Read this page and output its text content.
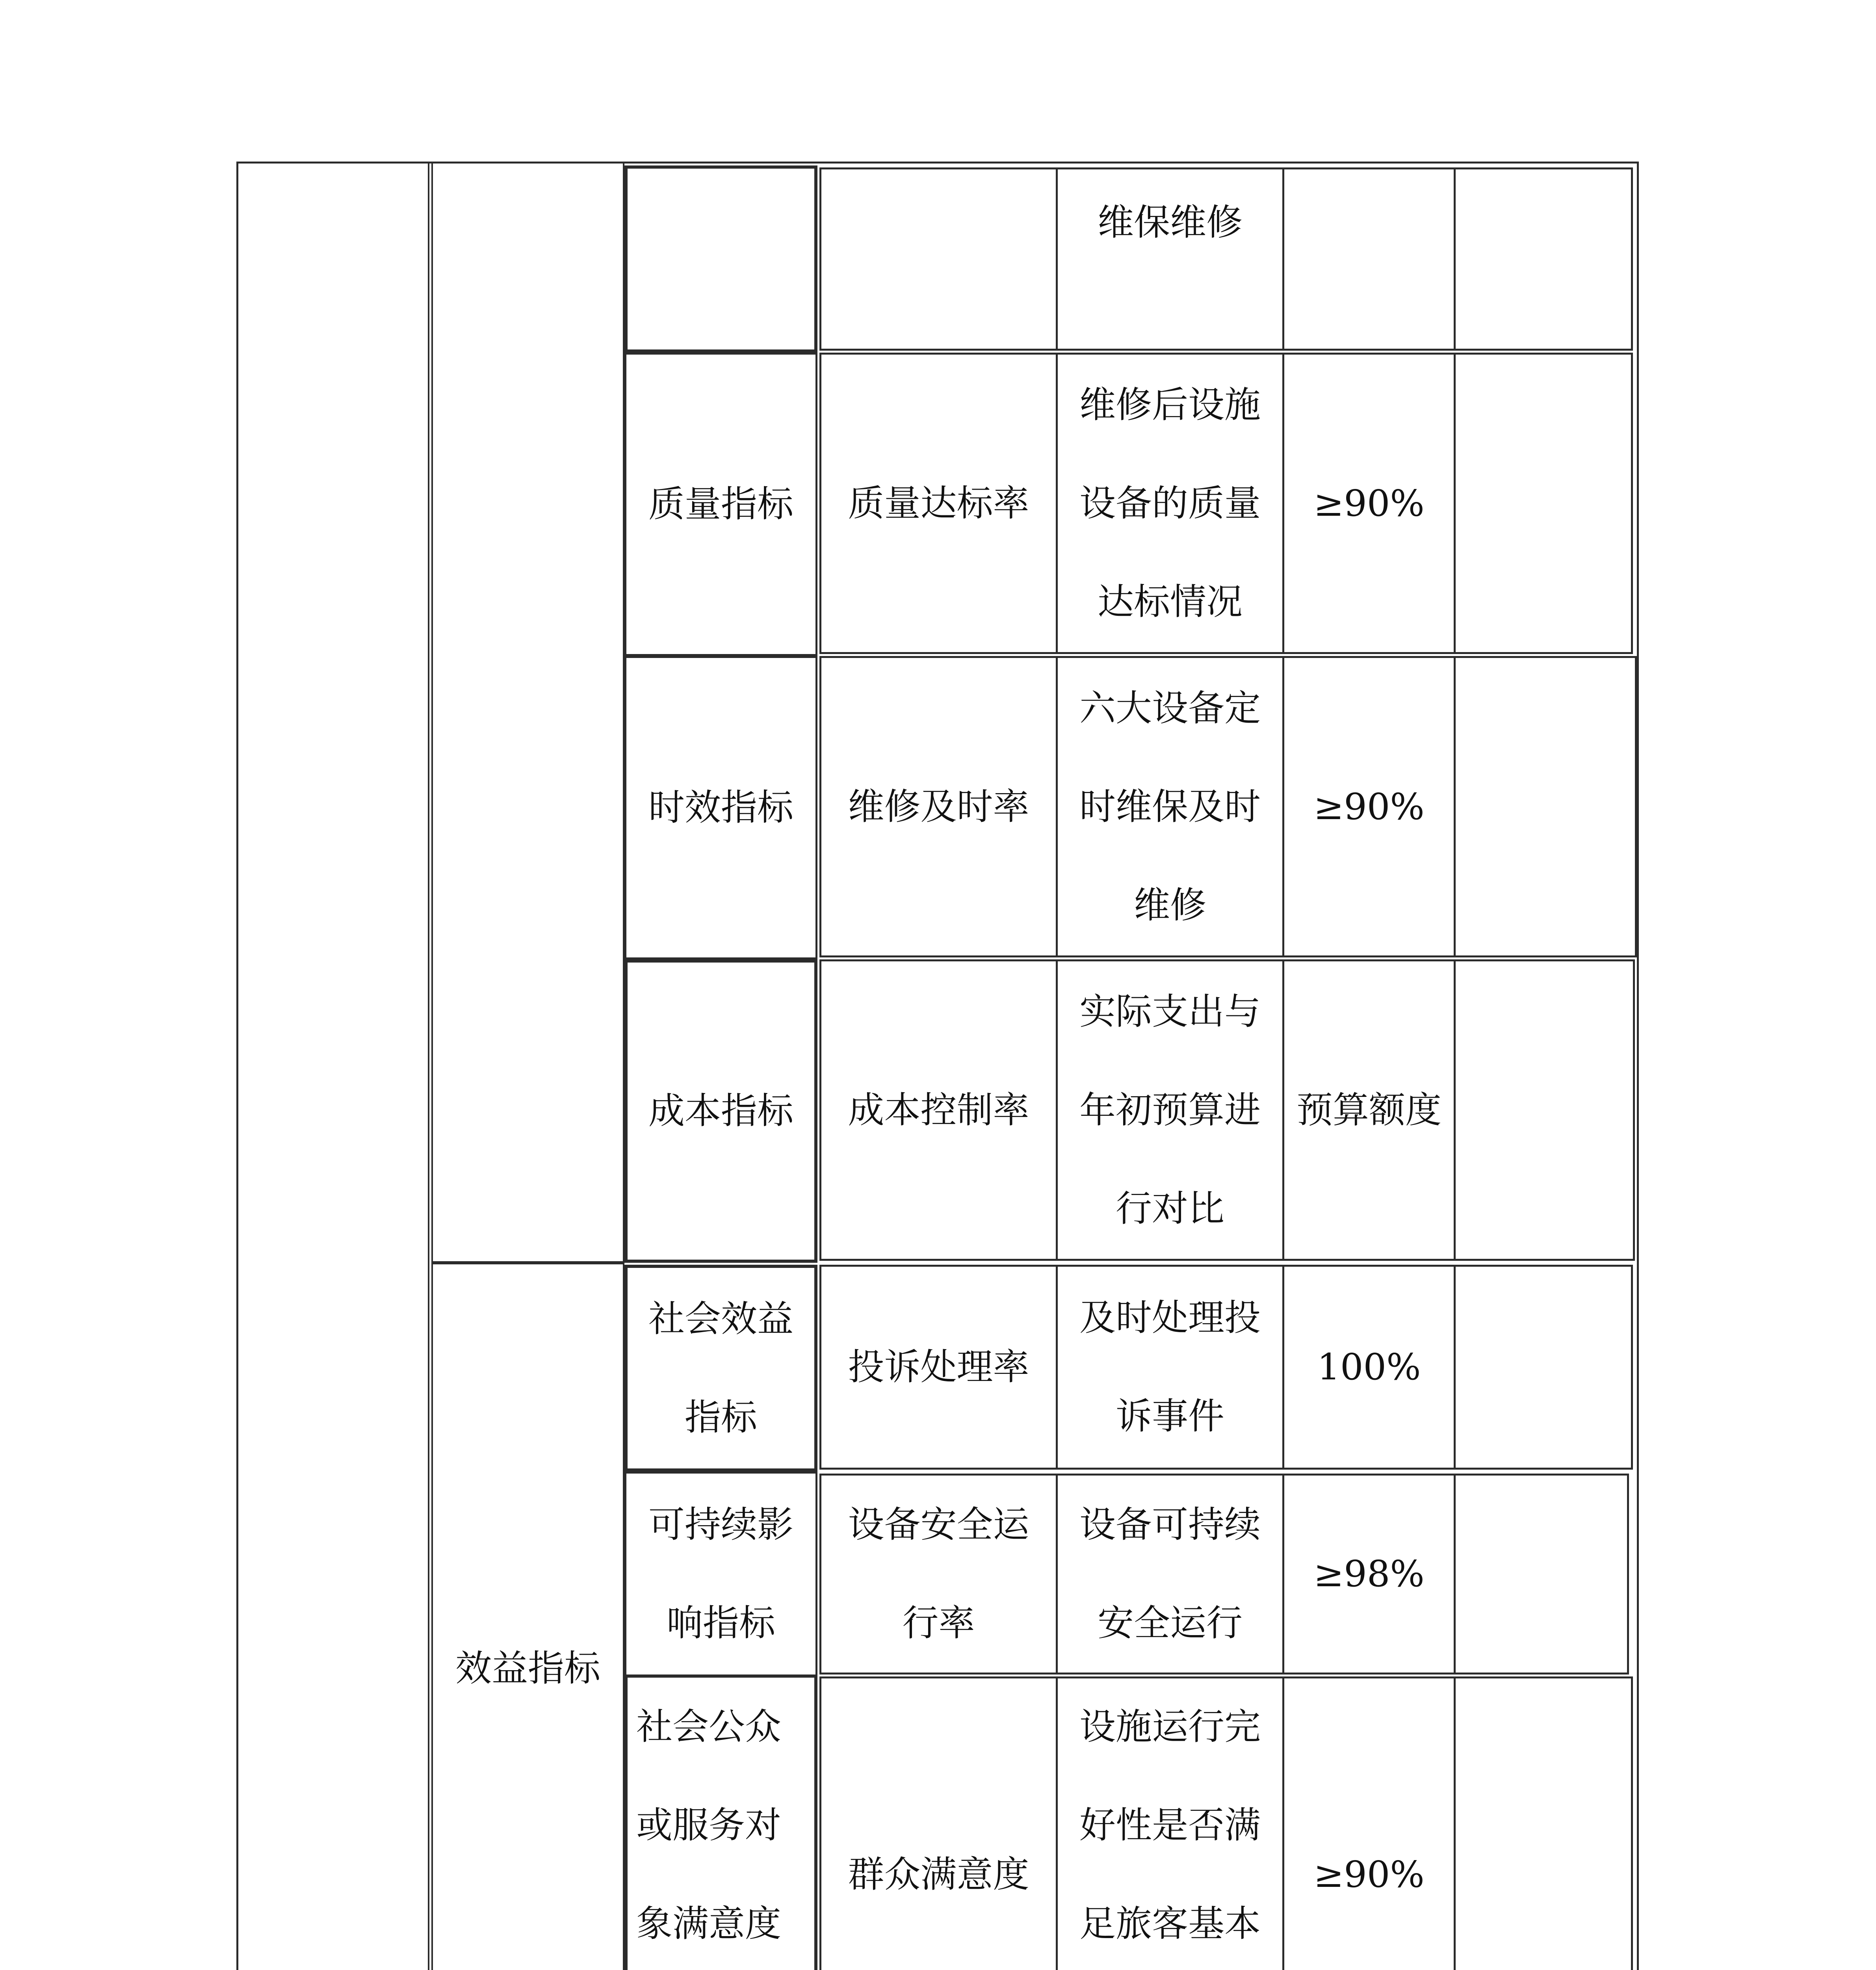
效益指标
维保维修
质量指标 质量达标率
维修后设施设备的质量达标情况
≥90%
时效指标 维修及时率
六大设备定时维保及时维修
≥90%
成本指标 成本控制率
实际支出与年初预算进行对比
预算额度
社会效益指标
投诉处理率
及时处理投诉事件
100%
可持续影响指标
设备安全运行率
设备可持续安全运行
≥98%
社会公众或服务对象满意度
群众满意度
设施运行完好性是否满足旅客基本
≥90%
